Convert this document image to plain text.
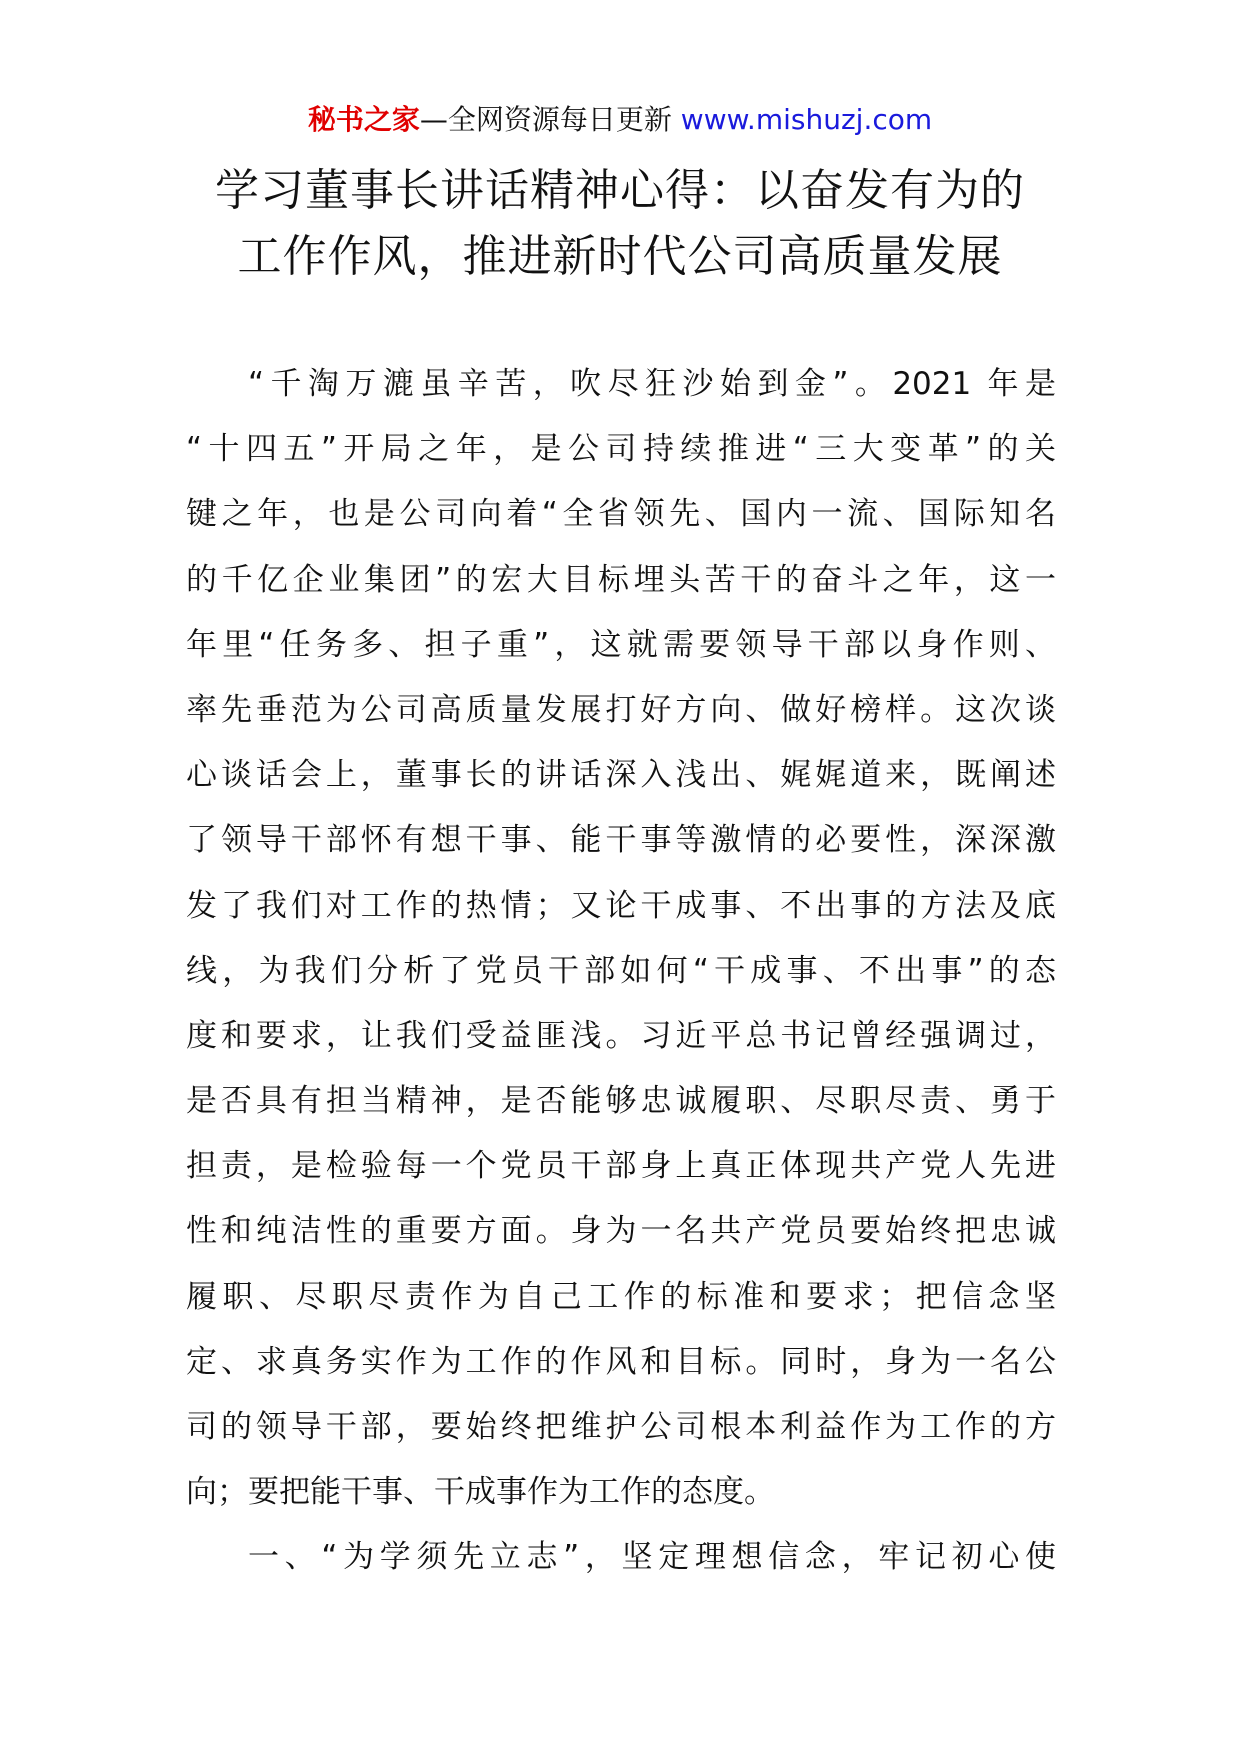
秘书之家—全网资源每日更新 www.mishuzj.com
学习董事长讲话精神心得：以奋发有为的
工作作风，推进新时代公司高质量发展
“千淘万漉虽辛苦，吹尽狂沙始到金”。2021 年是
“十四五”开局之年，是公司持续推进“三大变革”的关
键之年，也是公司向着“全省领先、国内一流、国际知名
的千亿企业集团”的宏大目标埋头苦干的奋斗之年，这一
年里“任务多、担子重”，这就需要领导干部以身作则、
率先垂范为公司高质量发展打好方向、做好榜样。这次谈
心谈话会上，董事长的讲话深入浅出、娓娓道来，既阐述
了领导干部怀有想干事、能干事等激情的必要性，深深激
发了我们对工作的热情；又论干成事、不出事的方法及底
线，为我们分析了党员干部如何“干成事、不出事”的态
度和要求，让我们受益匪浅。习近平总书记曾经强调过，
是否具有担当精神，是否能够忠诚履职、尽职尽责、勇于
担责，是检验每一个党员干部身上真正体现共产党人先进
性和纯洁性的重要方面。身为一名共产党员要始终把忠诚
履职、尽职尽责作为自己工作的标准和要求；把信念坚
定、求真务实作为工作的作风和目标。同时，身为一名公
司的领导干部，要始终把维护公司根本利益作为工作的方
向；要把能干事、干成事作为工作的态度。
一、“为学须先立志”，坚定理想信念，牢记初心使
